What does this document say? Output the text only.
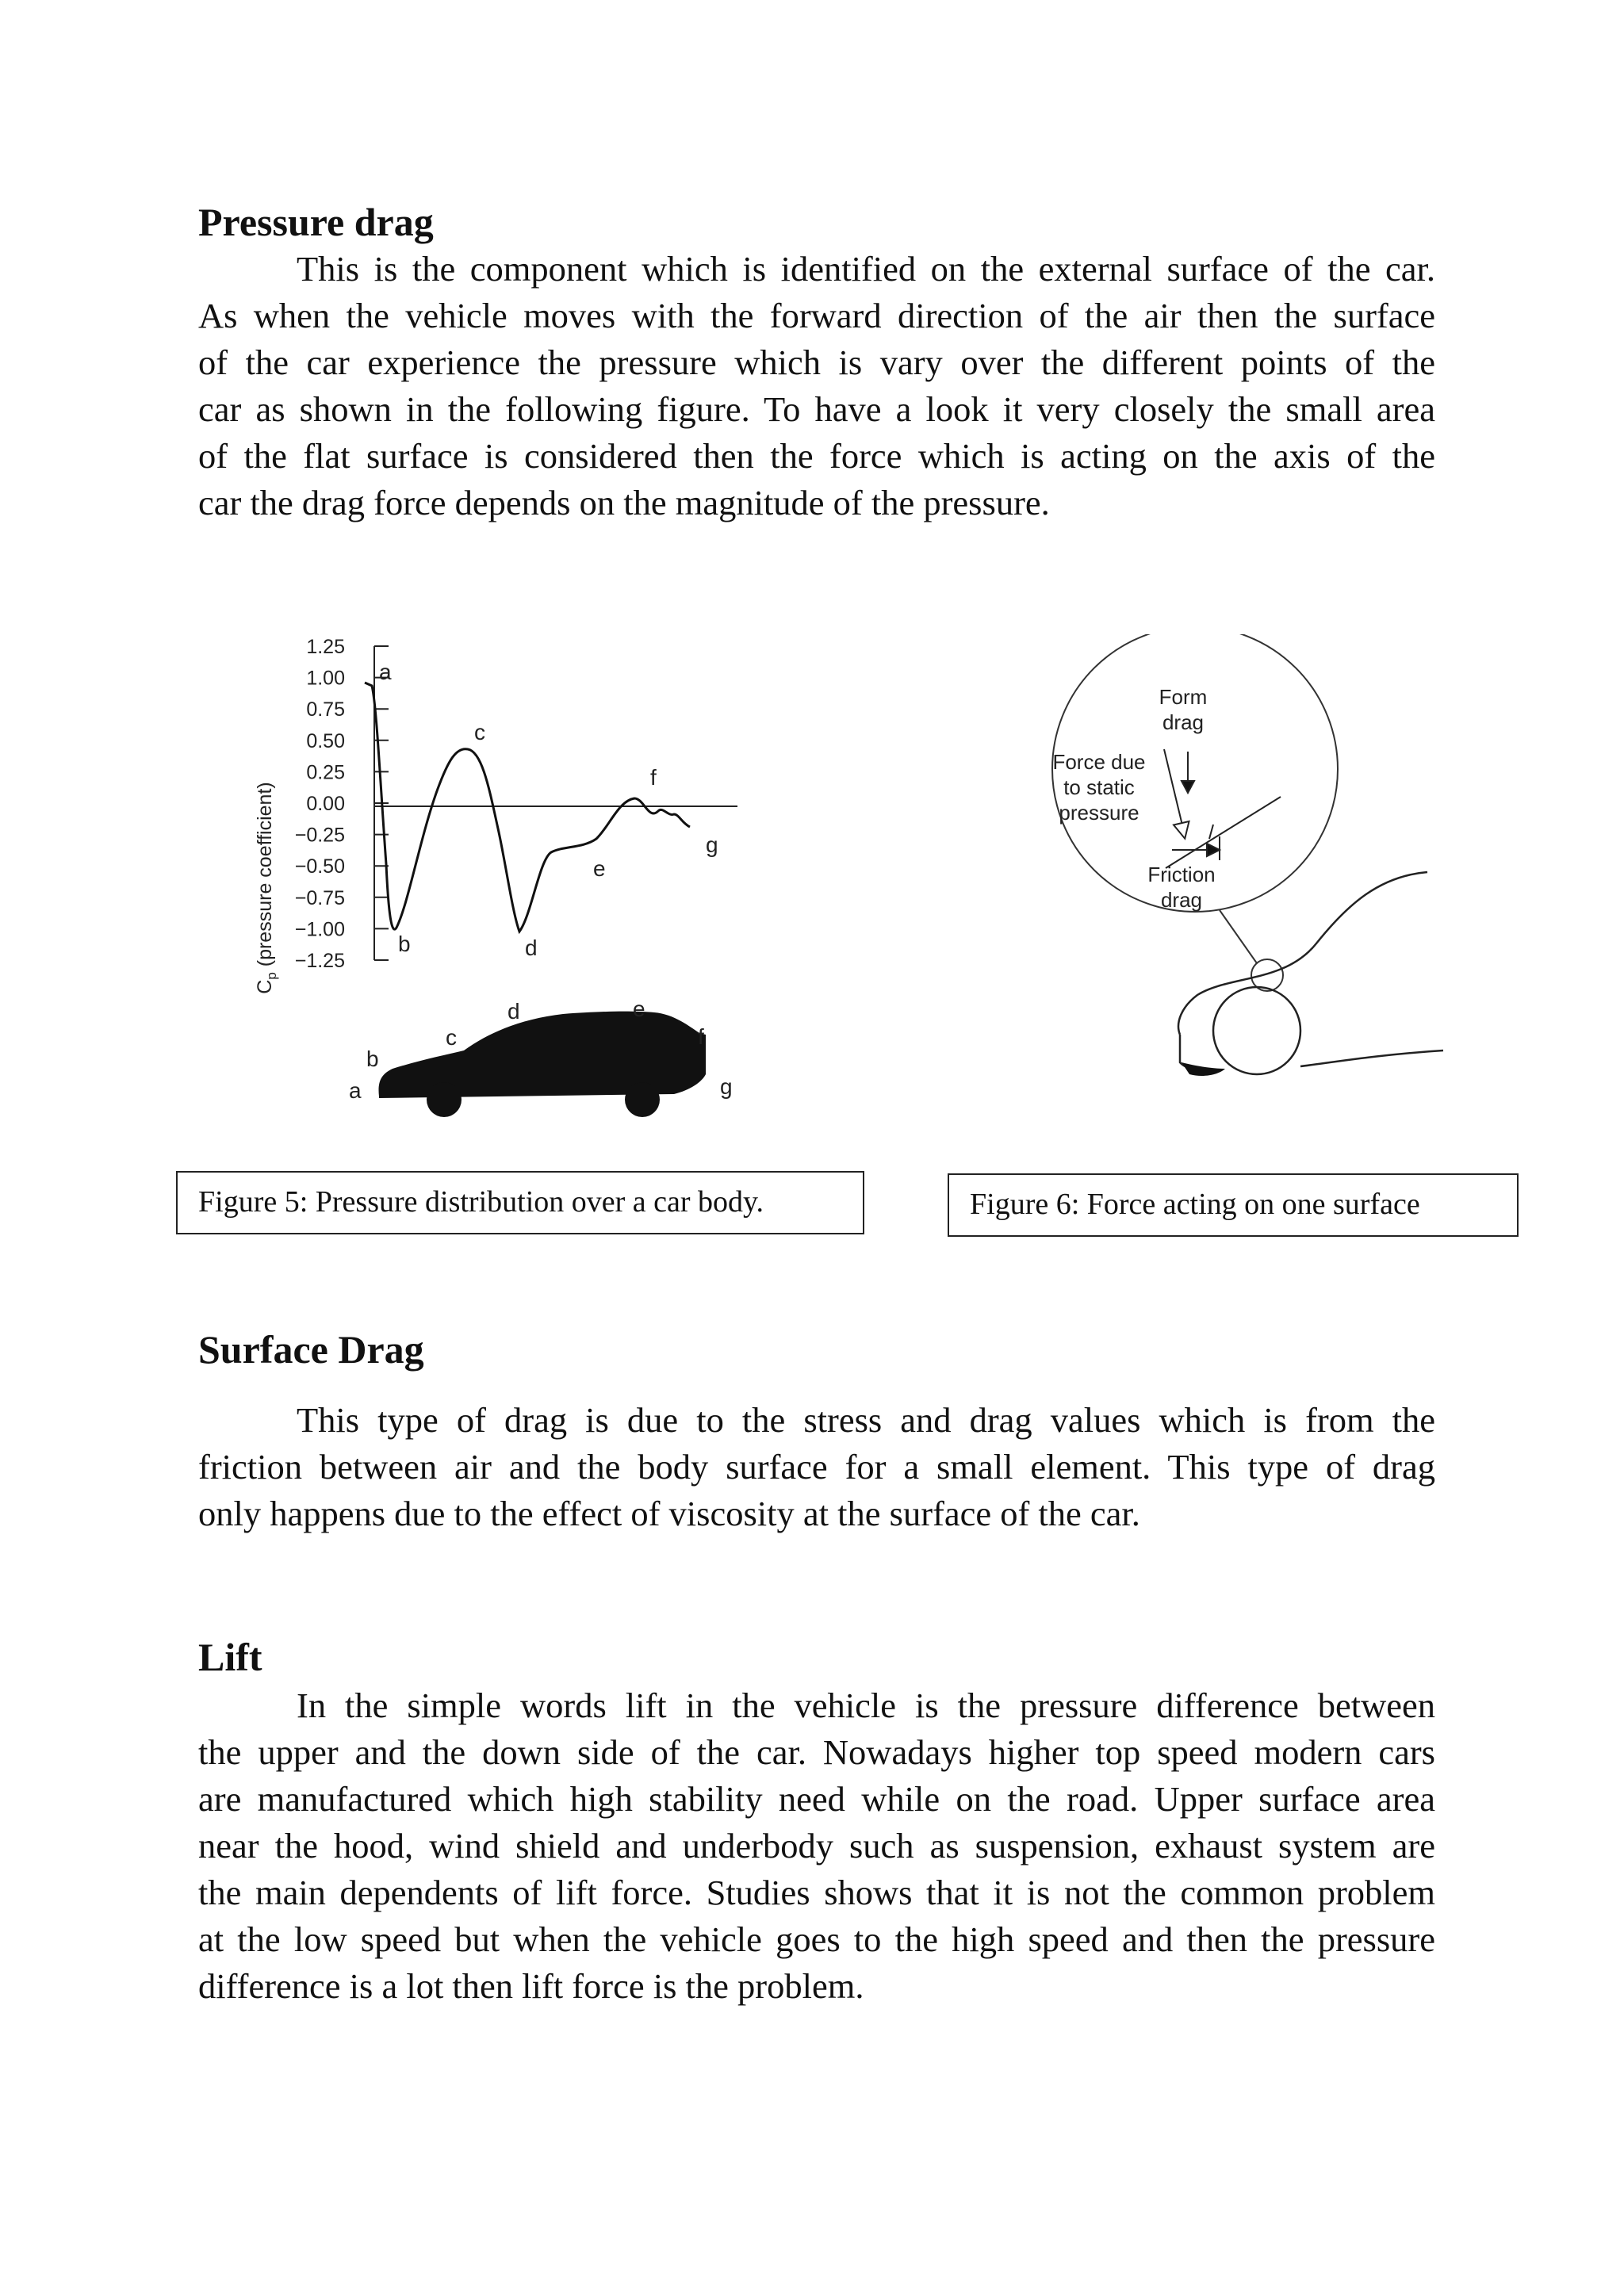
Pressure drag
This is the component which is identified on the external surface of the car.
As when the vehicle moves with the forward direction of the air then the surface
of the car experience the pressure which is vary over the different points of the
car as shown in the following figure. To have a look it very closely the small area
of the flat surface is considered then the force which is acting on the axis of the
car the drag force depends on the magnitude of the pressure.
1.25
1.00
0.75
0.50
0.25
0.00
−0.25
−0.50
−0.75
−1.00
−1.25
$C_p$ (pressure coefficient)
a
b
c
d
e
f
g
a
b
c
d	e
f
g
Form
drag
Force due
to static
pressure
Friction
drag
Figure 5: Pressure distribution over a car body.	Figure 6: Force acting on one surface
Surface Drag
This type of drag is due to the stress and drag values which is from the
friction between air and the body surface for a small element. This type of drag
only happens due to the effect of viscosity at the surface of the car.
Lift
In the simple words lift in the vehicle is the pressure difference between
the upper and the down side of the car. Nowadays higher top speed modern cars
are manufactured which high stability need while on the road. Upper surface area
near the hood, wind shield and underbody such as suspension, exhaust system are
the main dependents of lift force. Studies shows that it is not the common problem
at the low speed but when the vehicle goes to the high speed and then the pressure
difference is a lot then lift force is the problem.
